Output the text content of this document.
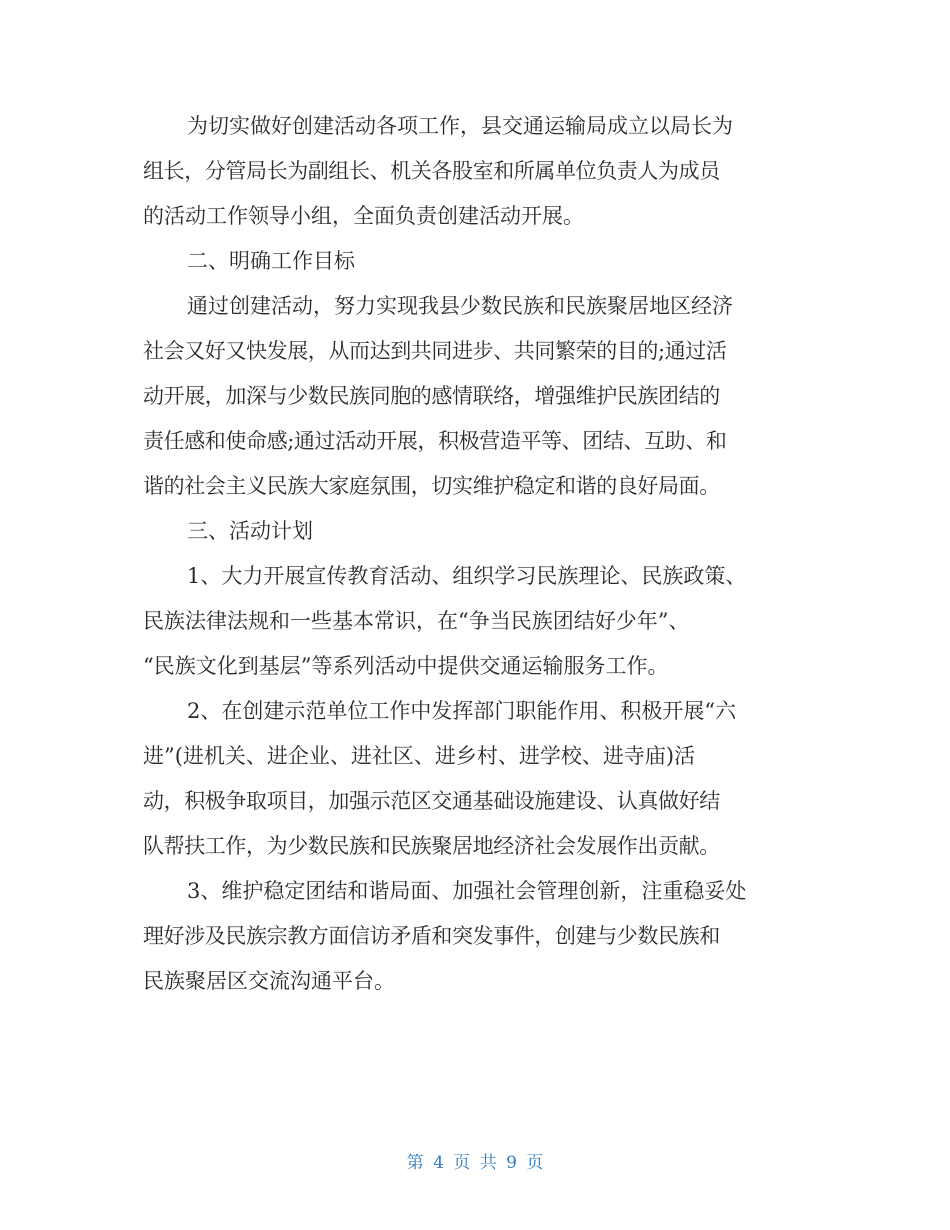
为切实做好创建活动各项工作，县交通运输局成立以局长为
组长，分管局长为副组长、机关各股室和所属单位负责人为成员
的活动工作领导小组，全面负责创建活动开展。
二、明确工作目标
通过创建活动，努力实现我县少数民族和民族聚居地区经济
社会又好又快发展，从而达到共同进步、共同繁荣的目的;通过活
动开展，加深与少数民族同胞的感情联络，增强维护民族团结的
责任感和使命感;通过活动开展，积极营造平等、团结、互助、和
谐的社会主义民族大家庭氛围，切实维护稳定和谐的良好局面。
三、活动计划
1、大力开展宣传教育活动、组织学习民族理论、民族政策、
民族法律法规和一些基本常识，在“争当民族团结好少年”、
“民族文化到基层”等系列活动中提供交通运输服务工作。
2、在创建示范单位工作中发挥部门职能作用、积极开展“六
进”(进机关、进企业、进社区、进乡村、进学校、进寺庙)活
动，积极争取项目，加强示范区交通基础设施建设、认真做好结
队帮扶工作，为少数民族和民族聚居地经济社会发展作出贡献。
3、维护稳定团结和谐局面、加强社会管理创新，注重稳妥处
理好涉及民族宗教方面信访矛盾和突发事件，创建与少数民族和
民族聚居区交流沟通平台。
第 4 页 共 9 页
